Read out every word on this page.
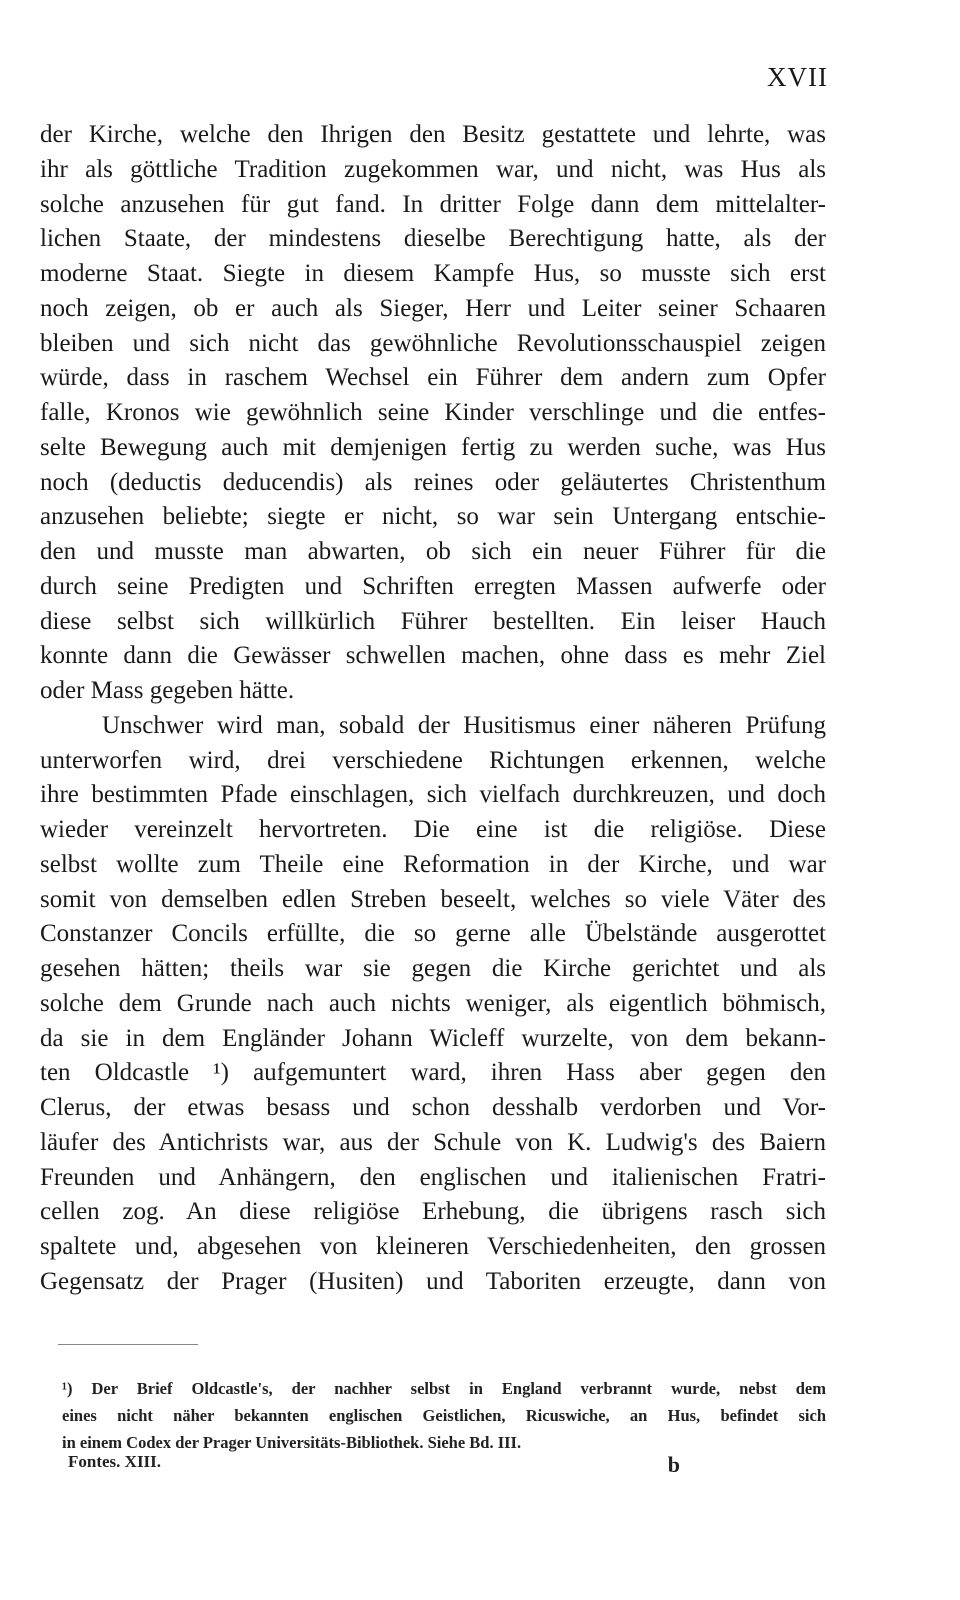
XVII
der Kirche, welche den Ihrigen den Besitz gestattete und lehrte, was
ihr als göttliche Tradition zugekommen war, und nicht, was Hus als
solche anzusehen für gut fand. In dritter Folge dann dem mittelalter-
lichen Staate, der mindestens dieselbe Berechtigung hatte, als der
moderne Staat. Siegte in diesem Kampfe Hus, so musste sich erst
noch zeigen, ob er auch als Sieger, Herr und Leiter seiner Schaaren
bleiben und sich nicht das gewöhnliche Revolutionsschauspiel zeigen
würde, dass in raschem Wechsel ein Führer dem andern zum Opfer
falle, Kronos wie gewöhnlich seine Kinder verschlinge und die entfes-
selte Bewegung auch mit demjenigen fertig zu werden suche, was Hus
noch (deductis deducendis) als reines oder geläutertes Christenthum
anzusehen beliebte; siegte er nicht, so war sein Untergang entschie-
den und musste man abwarten, ob sich ein neuer Führer für die
durch seine Predigten und Schriften erregten Massen aufwerfe oder
diese selbst sich willkürlich Führer bestellten. Ein leiser Hauch
konnte dann die Gewässer schwellen machen, ohne dass es mehr Ziel
oder Mass gegeben hätte.
Unschwer wird man, sobald der Husitismus einer näheren Prüfung
unterworfen wird, drei verschiedene Richtungen erkennen, welche
ihre bestimmten Pfade einschlagen, sich vielfach durchkreuzen, und doch
wieder vereinzelt hervortreten. Die eine ist die religiöse. Diese
selbst wollte zum Theile eine Reformation in der Kirche, und war
somit von demselben edlen Streben beseelt, welches so viele Väter des
Constanzer Concils erfüllte, die so gerne alle Übelstände ausgerottet
gesehen hätten; theils war sie gegen die Kirche gerichtet und als
solche dem Grunde nach auch nichts weniger, als eigentlich böhmisch,
da sie in dem Engländer Johann Wicleff wurzelte, von dem bekann-
ten Oldcastle ¹) aufgemuntert ward, ihren Hass aber gegen den
Clerus, der etwas besass und schon desshalb verdorben und Vor-
läufer des Antichrists war, aus der Schule von K. Ludwig's des Baiern
Freunden und Anhängern, den englischen und italienischen Fratri-
cellen zog. An diese religiöse Erhebung, die übrigens rasch sich
spaltete und, abgesehen von kleineren Verschiedenheiten, den grossen
Gegensatz der Prager (Husiten) und Taboriten erzeugte, dann von
¹) Der Brief Oldcastle's, der nachher selbst in England verbrannt wurde, nebst dem
eines nicht näher bekannten englischen Geistlichen, Ricuswiche, an Hus, befindet sich
in einem Codex der Prager Universitäts-Bibliothek. Siehe Bd. III.
Fontes. XIII.	b
